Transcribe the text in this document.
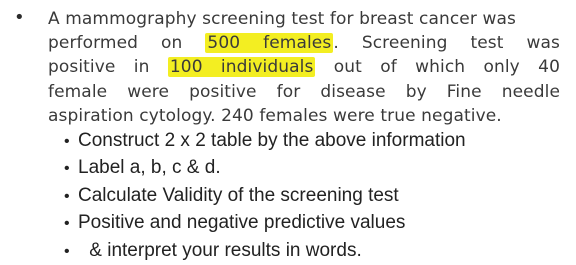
• A mammography screening test for breast cancer was
performed on 500 females . Screening test was
positive in 100 individuals out of which only 40
female were positive for disease by Fine needle
aspiration cytology. 240 females were true negative.
• Construct 2 x 2 table by the above information
• Label a, b, c & d.
• Calculate Validity of the screening test
• Positive and negative predictive values
• & interpret your results in words.
